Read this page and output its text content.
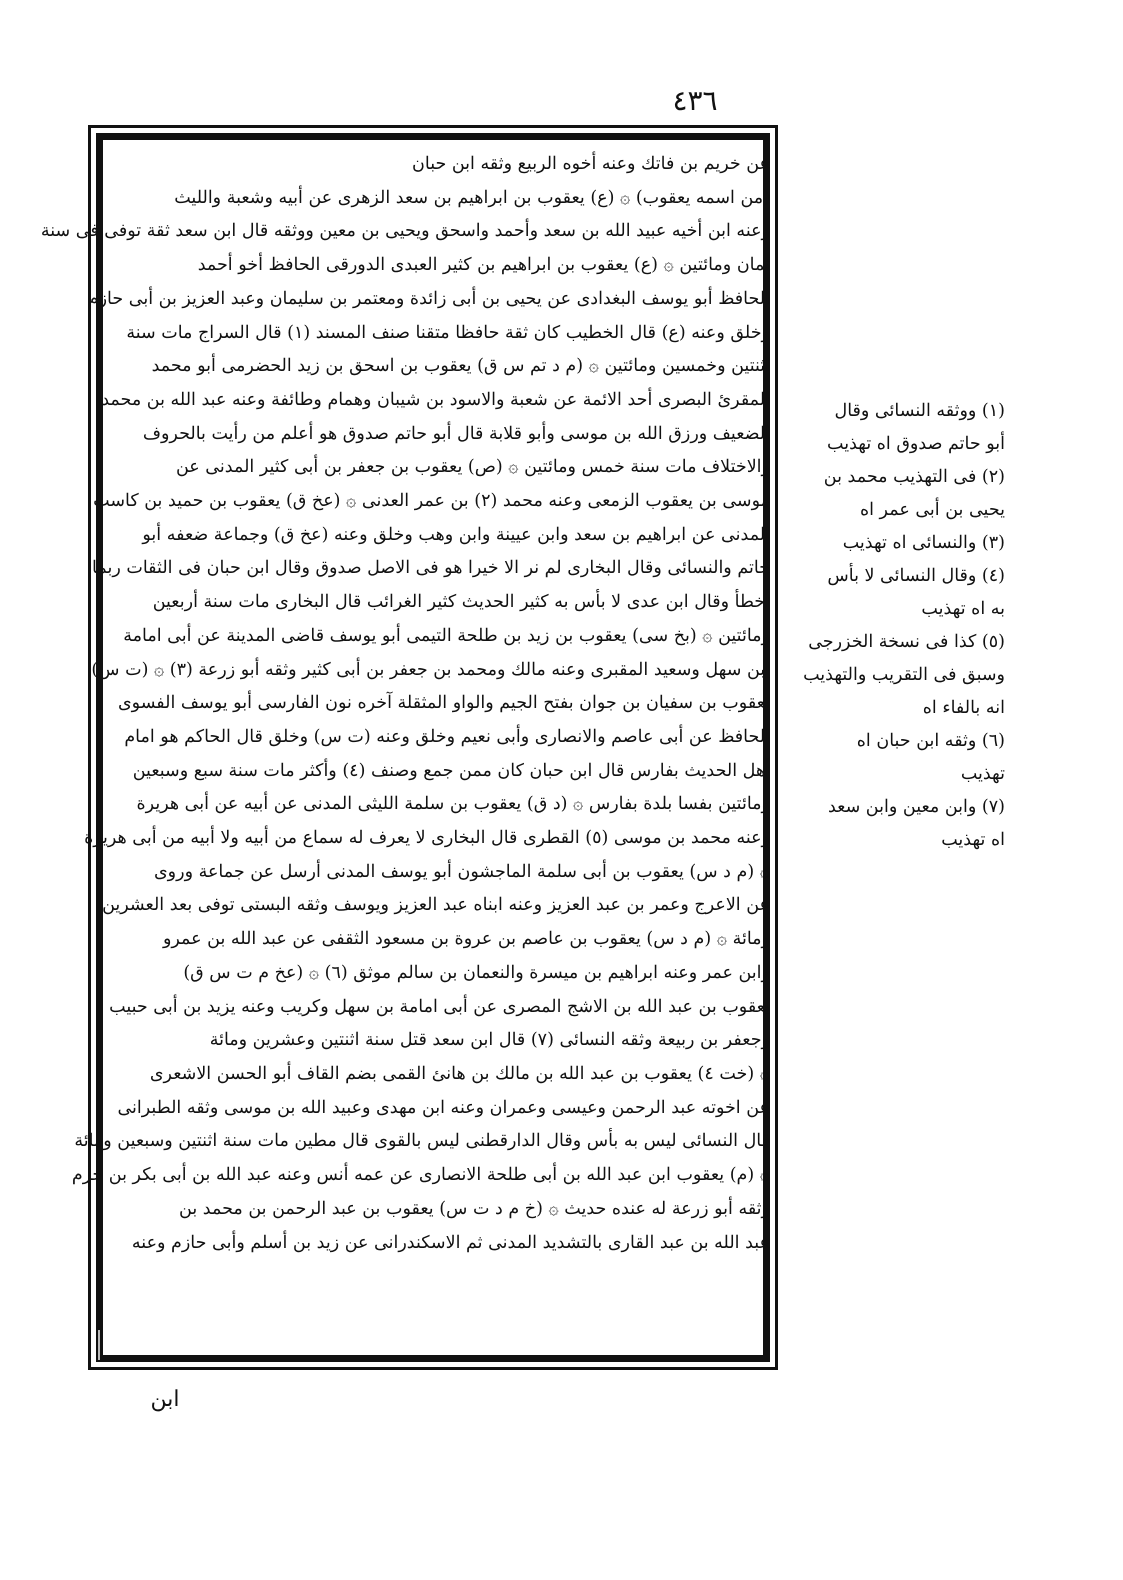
٤٣٦

عن خريم بن فاتك وعنه أخوه الربيع وثقه ابن حبان

(من اسمه يعقوب) ۞ (ع) يعقوب بن ابراهيم بن سعد الزهرى عن أبيه وشعبة والليث

وعنه ابن أخيه عبيد الله بن سعد وأحمد واسحق ويحيى بن معين ووثقه قال ابن سعد ثقة توفى فى سنة

ثمان ومائتين ۞ (ع) يعقوب بن ابراهيم بن كثير العبدى الدورقى الحافظ أخو أحمد

الحافظ أبو يوسف البغدادى عن يحيى بن أبى زائدة ومعتمر بن سليمان وعبد العزيز بن أبى حازم

وخلق وعنه (ع) قال الخطيب كان ثقة حافظا متقنا صنف المسند (١) قال السراج مات سنة

اثنتين وخمسين ومائتين ۞ (م د تم س ق) يعقوب بن اسحق بن زيد الحضرمى أبو محمد

المقرئ البصرى أحد الائمة عن شعبة والاسود بن شيبان وهمام وطائفة وعنه عبد الله بن محمد

الضعيف ورزق الله بن موسى وأبو قلابة قال أبو حاتم صدوق هو أعلم من رأيت بالحروف

والاختلاف مات سنة خمس ومائتين ۞ (ص) يعقوب بن جعفر بن أبى كثير المدنى عن

موسى بن يعقوب الزمعى وعنه محمد (٢) بن عمر العدنى ۞ (عخ ق) يعقوب بن حميد بن كاسب

المدنى عن ابراهيم بن سعد وابن عيينة وابن وهب وخلق وعنه (عخ ق) وجماعة ضعفه أبو

حاتم والنسائى وقال البخارى لم نر الا خيرا هو فى الاصل صدوق وقال ابن حبان فى الثقات ربما

أخطأ وقال ابن عدى لا بأس به كثير الحديث كثير الغرائب قال البخارى مات سنة أربعين

ومائتين ۞ (بخ سى) يعقوب بن زيد بن طلحة التيمى أبو يوسف قاضى المدينة عن أبى امامة

ابن سهل وسعيد المقبرى وعنه مالك ومحمد بن جعفر بن أبى كثير وثقه أبو زرعة (٣) ۞ (ت س)

يعقوب بن سفيان بن جوان بفتح الجيم والواو المثقلة آخره نون الفارسى أبو يوسف الفسوى

الحافظ عن أبى عاصم والانصارى وأبى نعيم وخلق وعنه (ت س) وخلق قال الحاكم هو امام

أهل الحديث بفارس قال ابن حبان كان ممن جمع وصنف (٤) وأكثر مات سنة سبع وسبعين

ومائتين بفسا بلدة بفارس ۞ (د ق) يعقوب بن سلمة الليثى المدنى عن أبيه عن أبى هريرة

وعنه محمد بن موسى (٥) القطرى قال البخارى لا يعرف له سماع من أبيه ولا أبيه من أبى هريرة

۞ (م د س) يعقوب بن أبى سلمة الماجشون أبو يوسف المدنى أرسل عن جماعة وروى

عن الاعرج وعمر بن عبد العزيز وعنه ابناه عبد العزيز ويوسف وثقه البستى توفى بعد العشرين

ومائة ۞ (م د س) يعقوب بن عاصم بن عروة بن مسعود الثقفى عن عبد الله بن عمرو

وابن عمر وعنه ابراهيم بن ميسرة والنعمان بن سالم موثق (٦) ۞ (عخ م ت س ق)

يعقوب بن عبد الله بن الاشج المصرى عن أبى امامة بن سهل وكريب وعنه يزيد بن أبى حبيب

وجعفر بن ربيعة وثقه النسائى (٧) قال ابن سعد قتل سنة اثنتين وعشرين ومائة

۞ (خت ٤) يعقوب بن عبد الله بن مالك بن هانئ القمى بضم القاف أبو الحسن الاشعرى

عن اخوته عبد الرحمن وعيسى وعمران وعنه ابن مهدى وعبيد الله بن موسى وثقه الطبرانى

قال النسائى ليس به بأس وقال الدارقطنى ليس بالقوى قال مطين مات سنة اثنتين وسبعين ومائة

۞ (م) يعقوب ابن عبد الله بن أبى طلحة الانصارى عن عمه أنس وعنه عبد الله بن أبى بكر بن حزم

وثقه أبو زرعة له عنده حديث ۞ (خ م د ت س) يعقوب بن عبد الرحمن بن محمد بن

عبد الله بن عبد القارى بالتشديد المدنى ثم الاسكندرانى عن زيد بن أسلم وأبى حازم وعنه

(١) ووثقه النسائى وقال

أبو حاتم صدوق اه تهذيب

(٢) فى التهذيب محمد بن

يحيى بن أبى عمر اه

(٣) والنسائى اه تهذيب

(٤) وقال النسائى لا بأس

به اه تهذيب

(٥) كذا فى نسخة الخزرجى

وسبق فى التقريب والتهذيب

انه بالفاء اه

(٦) وثقه ابن حبان اه

تهذيب

(٧) وابن معين وابن سعد

اه تهذيب

ابن
